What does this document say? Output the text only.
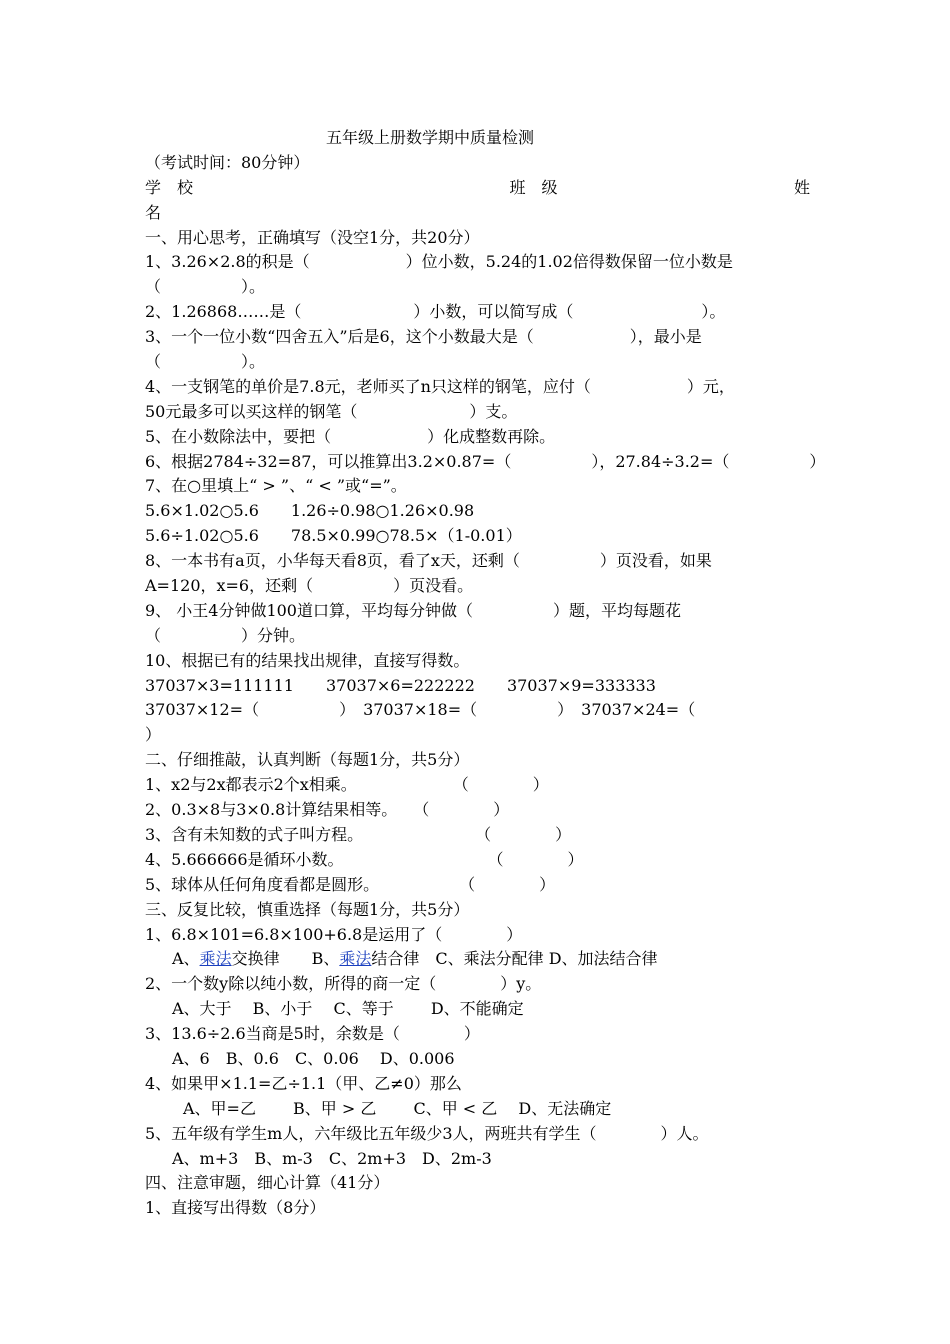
五年级上册数学期中质量检测
（考试时间：80分钟）
学　校	班　级	姓
名
一、用心思考，正确填写（没空1分，共20分）
1、3.26×2.8的积是（　　　　　　）位小数，5.24的1.02倍得数保留一位小数是
（　　　　　）。
2、1.26868……是（　　　　　　　）小数，可以简写成（　　　　　　　　）。
3、一个一位小数“四舍五入”后是6，这个小数最大是（　　　　　　），最小是
（　　　　　）。
4、一支钢笔的单价是7.8元，老师买了n只这样的钢笔，应付（　　　　　　）元，
50元最多可以买这样的钢笔（　　　　　　　）支。
5、在小数除法中，要把（　　　　　　）化成整数再除。
6、根据2784÷32=87，可以推算出3.2×0.87=（　　　　　），27.84÷3.2=（　　　　　）
7、在○里填上“ > ”、“ < ”或“=”。
5.6×1.02○5.6　　1.26÷0.98○1.26×0.98
5.6÷1.02○5.6　　78.5×0.99○78.5×（1-0.01）
8、一本书有a页，小华每天看8页，看了x天，还剩（　　　　　）页没看，如果
A=120，x=6，还剩（　　　　　）页没看。
9、 小王4分钟做100道口算，平均每分钟做（　　　　　）题，平均每题花
（　　　　　）分钟。
10、根据已有的结果找出规律，直接写得数。
37037×3=111111　　37037×6=222222　　37037×9=333333
37037×12=（　　　　　）　37037×18=（　　　　　）　37037×24=（
）
二、仔细推敲，认真判断（每题1分，共5分）
1、x2与2x都表示2个x相乘。　　　　　　　（　　　　）
2、0.3×8与3×0.8计算结果相等。　　（　　　　）
3、含有未知数的式子叫方程。　　　　　　　　（　　　　）
4、5.666666是循环小数。　　　　　　　　　　（　　　　）
5、球体从任何角度看都是圆形。　　　　　　（　　　　）
三、反复比较，慎重选择（每题1分，共5分）
1、6.8×101=6.8×100+6.8是运用了（　　　　）
A、乘法交换律　　B、乘法结合律　C、乘法分配律 D、加法结合律
2、一个数y除以纯小数，所得的商一定（　　　　）y。
A、大于　 B、小于　 C、等于　　 D、不能确定
3、13.6÷2.6当商是5时，余数是（　　　　）
A、6　B、0.6　C、0.06　 D、0.006
4、如果甲×1.1=乙÷1.1（甲、乙≠0）那么
A、甲=乙　　 B、甲 > 乙　　 C、甲 < 乙　 D、无法确定
5、五年级有学生m人，六年级比五年级少3人，两班共有学生（　　　　）人。
A、m+3　B、m-3　C、2m+3　D、2m-3
四、注意审题，细心计算（41分）
1、直接写出得数（8分）
